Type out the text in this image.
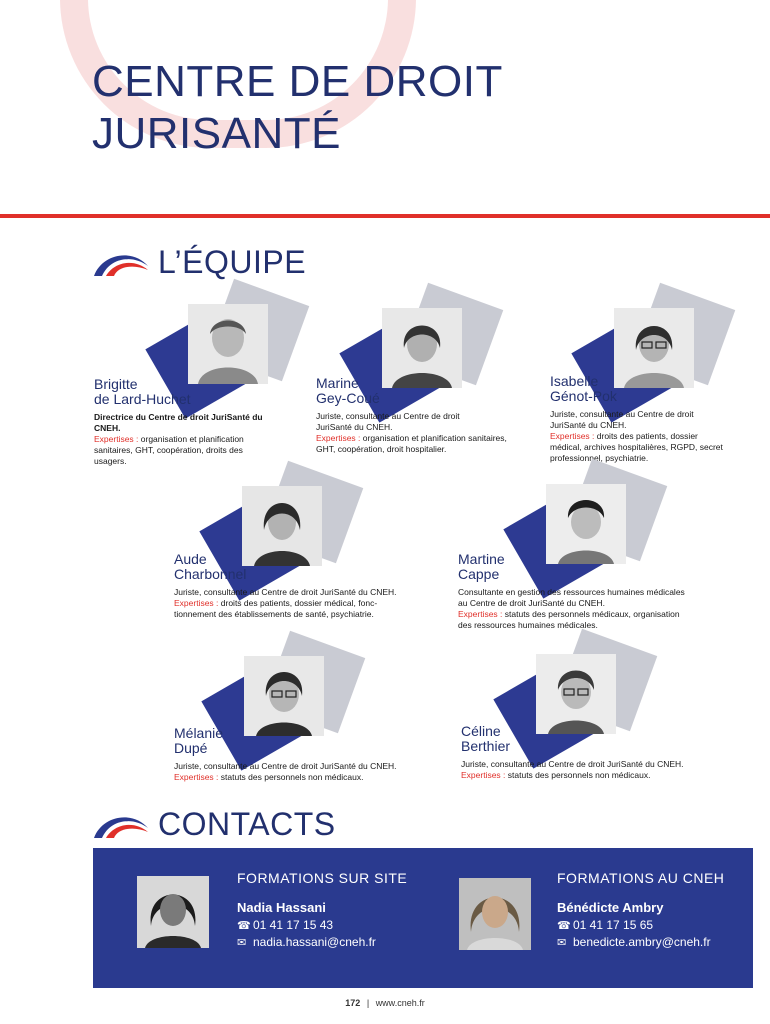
CENTRE DE DROIT
JURISANTÉ
L’ÉQUIPE
Brigitte
de Lard-Huchet
Directrice du Centre de droit JuriSanté du CNEH.
Expertises : organisation et planification sanitaires, GHT, coopération, droits des usagers.
Marine
Gey-Coué
Juriste, consultante au Centre de droit JuriSanté du CNEH.
Expertises : organisation et planification sanitaires, GHT, coopération, droit hospitalier.
Isabelle
Génot-Pok
Juriste, consultante au Centre de droit JuriSanté du CNEH.
Expertises : droits des patients, dossier médical, archives hospitalières, RGPD, secret professionnel, psychiatrie.
Aude
Charbonnel
Juriste, consultante au Centre de droit JuriSanté du CNEH.
Expertises : droits des patients, dossier médical, fonc- tionnement des établissements de santé, psychiatrie.
Martine
Cappe
Consultante en gestion des ressources humaines médicales au Centre de droit JuriSanté du CNEH.
Expertises : statuts des personnels médicaux, organisation des ressources humaines médicales.
Mélanie
Dupé
Juriste, consultante au Centre de droit JuriSanté du CNEH.
Expertises : statuts des personnels non médicaux.
Céline
Berthier
Juriste, consultante au Centre de droit JuriSanté du CNEH.
Expertises : statuts des personnels non médicaux.
CONTACTS
FORMATIONS SUR SITE
Nadia Hassani
☎ 01 41 17 15 43
✉ nadia.hassani@cneh.fr
FORMATIONS AU CNEH
Bénédicte Ambry
☎ 01 41 17 15 65
✉ benedicte.ambry@cneh.fr
172 | www.cneh.fr
